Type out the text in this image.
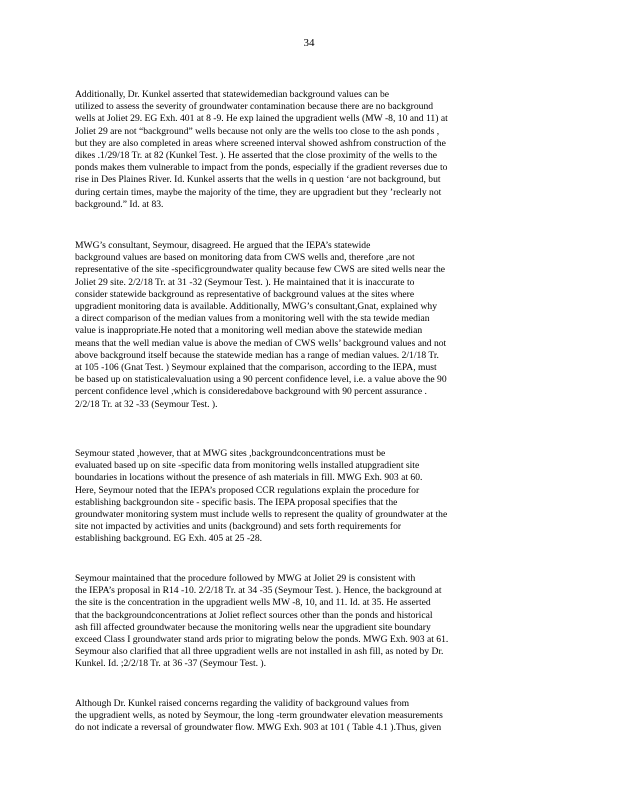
34
Additionally, Dr. Kunkel asserted that statewidemedian background values can be
utilized to assess the severity of groundwater contamination because there are no background
wells at Joliet 29. EG Exh. 401 at 8 -9. He exp lained the upgradient wells (MW -8, 10 and 11) at
Joliet 29 are not “background” wells because not only are the wells too close to the ash ponds ,
but they are also completed in areas where screened interval showed ashfrom construction of the
dikes .1/29/18 Tr. at 82 (Kunkel Test. ). He asserted that the close proximity of the wells to the
ponds makes them vulnerable to impact from the ponds, especially if the gradient reverses due to
rise in Des Plaines River. Id. Kunkel asserts that the wells in q uestion ‘are not background, but
during certain times, maybe the majority of the time, they are upgradient but they ’reclearly not
background.” Id. at 83.
MWG’s consultant, Seymour, disagreed. He argued that the IEPA’s statewide
background values are based on monitoring data from CWS wells and, therefore ,are not
representative of the site -specificgroundwater quality because few CWS are sited wells near the
Joliet 29 site. 2/2/18 Tr. at 31 -32 (Seymour Test. ). He maintained that it is inaccurate to
consider statewide background as representative of background values at the sites where
upgradient monitoring data is available. Additionally, MWG’s consultant,Gnat, explained why
a direct comparison of the median values from a monitoring well with the sta tewide median
value is inappropriate.He noted that a monitoring well median above the statewide median
means that the well median value is above the median of CWS wells’ background values and not
above background itself because the statewide median has a range of median values. 2/1/18 Tr.
at 105 -106 (Gnat Test. ) Seymour explained that the comparison, according to the IEPA, must
be based up on statisticalevaluation using a 90 percent confidence level, i.e. a value above the 90
percent confidence level ,which is consideredabove background with 90 percent assurance .
2/2/18 Tr. at 32 -33 (Seymour Test. ).
Seymour stated ,however, that at MWG sites ,backgroundconcentrations must be
evaluated based up on site -specific data from monitoring wells installed atupgradient site
boundaries in locations without the presence of ash materials in fill. MWG Exh. 903 at 60.
Here, Seymour noted that the IEPA’s proposed CCR regulations explain the procedure for
establishing backgroundon site - specific basis. The IEPA proposal specifies that the
groundwater monitoring system must include wells to represent the quality of groundwater at the
site not impacted by activities and units (background) and sets forth requirements for
establishing background. EG Exh. 405 at 25 -28.
Seymour maintained that the procedure followed by MWG at Joliet 29 is consistent with
the IEPA’s proposal in R14 -10. 2/2/18 Tr. at 34 -35 (Seymour Test. ). Hence, the background at
the site is the concentration in the upgradient wells MW -8, 10, and 11. Id. at 35. He asserted
that the backgroundconcentrations at Joliet reflect sources other than the ponds and historical
ash fill affected groundwater because the monitoring wells near the upgradient site boundary
exceed Class I groundwater stand ards prior to migrating below the ponds. MWG Exh. 903 at 61.
Seymour also clarified that all three upgradient wells are not installed in ash fill, as noted by Dr.
Kunkel. Id. ;2/2/18 Tr. at 36 -37 (Seymour Test. ).
Although Dr. Kunkel raised concerns regarding the validity of background values from
the upgradient wells, as noted by Seymour, the long -term groundwater elevation measurements
do not indicate a reversal of groundwater flow. MWG Exh. 903 at 101 ( Table 4.1 ).Thus, given
